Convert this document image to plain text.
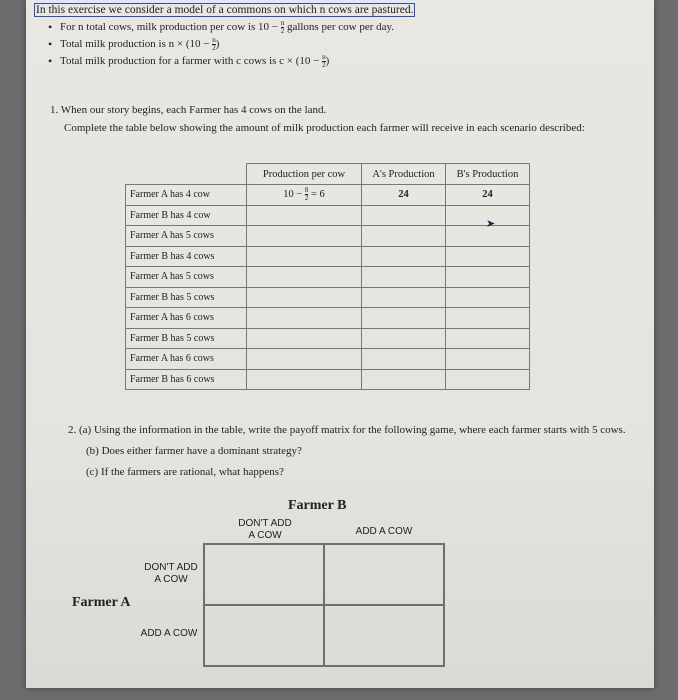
In this exercise we consider a model of a commons on which n cows are pastured.
• For n total cows, milk production per cow is $10 - \frac{n}{2}$ gallons per cow per day.
• Total milk production is $n \times (10 - \frac{n}{2}$ )
• Total milk production for a farmer with c cows is $c \times (10 - \frac{n}{2}$ )
1. When our story begins, each Farmer has 4 cows on the land.
Complete the table below showing the amount of milk production each farmer will receive in each scenario described:
	Production per cow	A's Production	B's Production
Farmer A has 4 cow	$10 - \frac{8}{2} = 6$	24	24
Farmer B has 4 cow			
Farmer A has 5 cows			
Farmer B has 4 cows			
Farmer A has 5 cows			
Farmer B has 5 cows			
Farmer A has 6 cows			
Farmer B has 5 cows			
Farmer A has 6 cows			
Farmer B has 6 cows			
➤
2. (a) Using the information in the table, write the payoff matrix for the following game, where each farmer starts with 5 cows.
(b) Does either farmer have a dominant strategy?
(c) If the farmers are rational, what happens?
Farmer B
DON'T ADD
A COW	ADD A COW
DON'T ADD
A COW
Farmer A
ADD A COW
